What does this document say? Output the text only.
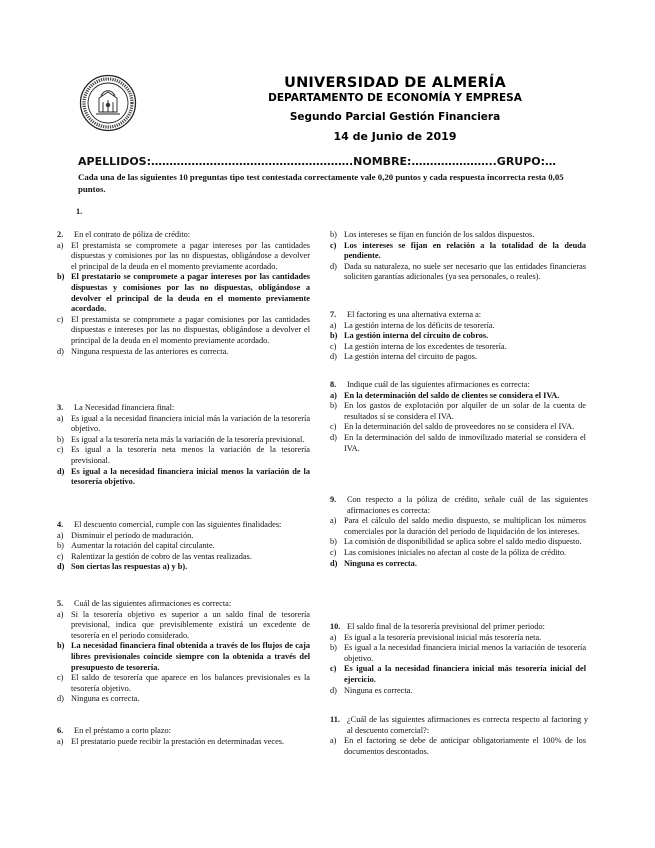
UNIVERSIDAD DE ALMERÍA
DEPARTAMENTO DE ECONOMÍA Y EMPRESA
Segundo Parcial Gestión Financiera
14 de Junio de 2019
APELLIDOS:……………………………………………….NOMBRE:…………………..GRUPO:…
Cada una de las siguientes 10 preguntas tipo test contestada correctamente vale 0,20 puntos y cada respuesta incorrecta resta 0,05 puntos.
1.
2.	En el contrato de póliza de crédito:
a) El prestamista se compromete a pagar intereses por las cantidades dispuestas y comisiones por las no dispuestas, obligándose a devolver el principal de la deuda en el momento previamente acordado.
b) El prestatario se compromete a pagar intereses por las cantidades dispuestas y comisiones por las no dispuestas, obligándose a devolver el principal de la deuda en el momento previamente acordado.
c) El prestamista se compromete a pagar comisiones por las cantidades dispuestas e intereses por las no dispuestas, obligándose a devolver el principal de la deuda en el momento previamente acordado.
d) Ninguna respuesta de las anteriores es correcta.
3.	La Necesidad financiera final:
a) Es igual a la necesidad financiera inicial más la variación de la tesorería objetivo.
b) Es igual a la tesorería neta más la variación de la tesorería previsional.
c) Es igual a la tesorería neta menos la variación de la tesorería previsional.
d) Es igual a la necesidad financiera inicial menos la variación de la tesorería objetivo.
4.	El descuento comercial, cumple con las siguientes finalidades:
a) Disminuir el periodo de maduración.
b) Aumentar la rotación del capital circulante.
c) Ralentizar la gestión de cobro de las ventas realizadas.
d) Son ciertas las respuestas a) y b).
5.	Cuál de las siguientes afirmaciones es correcta:
a) Si la tesorería objetivo es superior a un saldo final de tesorería previsional, indica que previsiblemente existirá un excedente de tesorería en el periodo considerado.
b) La necesidad financiera final obtenida a través de los flujos de caja libres previsionales coincide siempre con la obtenida a través del presupuesto de tesorería.
c) El saldo de tesorería que aparece en los balances previsionales es la tesorería objetivo.
d) Ninguna es correcta.
6.	En el préstamo a corto plazo:
a) El prestatario puede recibir la prestación en determinadas veces.
b) Los intereses se fijan en función de los saldos dispuestos.
c) Los intereses se fijan en relación a la totalidad de la deuda pendiente.
d) Dada su naturaleza, no suele ser necesario que las entidades financieras soliciten garantías adicionales (ya sea personales, o reales).
7.	El factoring es una alternativa externa a:
a) La gestión interna de los déficits de tesorería.
b) La gestión interna del circuito de cobros.
c) La gestión interna de los excedentes de tesorería.
d) La gestión interna del circuito de pagos.
8.	Indique cuál de las siguientes afirmaciones es correcta:
a) En la determinación del saldo de clientes se considera el IVA.
b) En los gastos de explotación por alquiler de un solar de la cuenta de resultados sí se considera el IVA.
c) En la determinación del saldo de proveedores no se considera el IVA.
d) En la determinación del saldo de inmovilizado material se considera el IVA.
9.	Con respecto a la póliza de crédito, señale cuál de las siguientes afirmaciones es correcta:
a) Para el cálculo del saldo medio dispuesto, se multiplican los números comerciales por la duración del periodo de liquidación de los intereses.
b) La comisión de disponibilidad se aplica sobre el saldo medio dispuesto.
c) Las comisiones iniciales no afectan al coste de la póliza de crédito.
d) Ninguna es correcta.
10. El saldo final de la tesorería previsional del primer periodo:
a) Es igual a la tesorería previsional inicial más tesorería neta.
b) Es igual a la necesidad financiera inicial menos la variación de tesorería objetivo.
c) Es igual a la necesidad financiera inicial más tesorería inicial del ejercicio.
d) Ninguna es correcta.
11. ¿Cuál de las siguientes afirmaciones es correcta respecto al factoring y al descuento comercial?:
a) En el factoring se debe de anticipar obligatoriamente el 100% de los documentos descontados.
